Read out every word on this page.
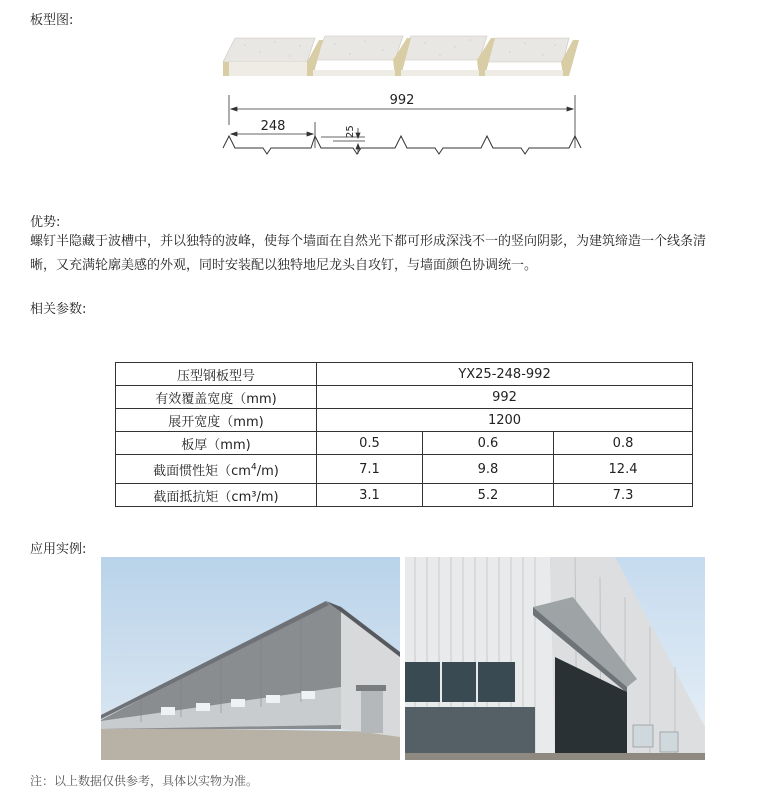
板型图:
992
248	25
优势:
螺钉半隐藏于波槽中，并以独特的波峰，使每个墙面在自然光下都可形成深浅不一的竖向阴影，为建筑缔造一个线条清
晰，又充满轮廓美感的外观，同时安装配以独特地尼龙头自攻钉，与墙面颜色协调统一。
相关参数:
压型钢板型号	YX25-248-992		
有效覆盖宽度（mm)	992		
展开宽度（mm)	1200		
板厚（mm)	0.5	0.6	0.8
截面惯性矩$(cm^4/m)$	7.1	9.8	12.4
截面抵抗矩（cm³/m)	3.1	5.2	7.3
应用实例:
注：以上数据仅供参考，具体以实物为准。
